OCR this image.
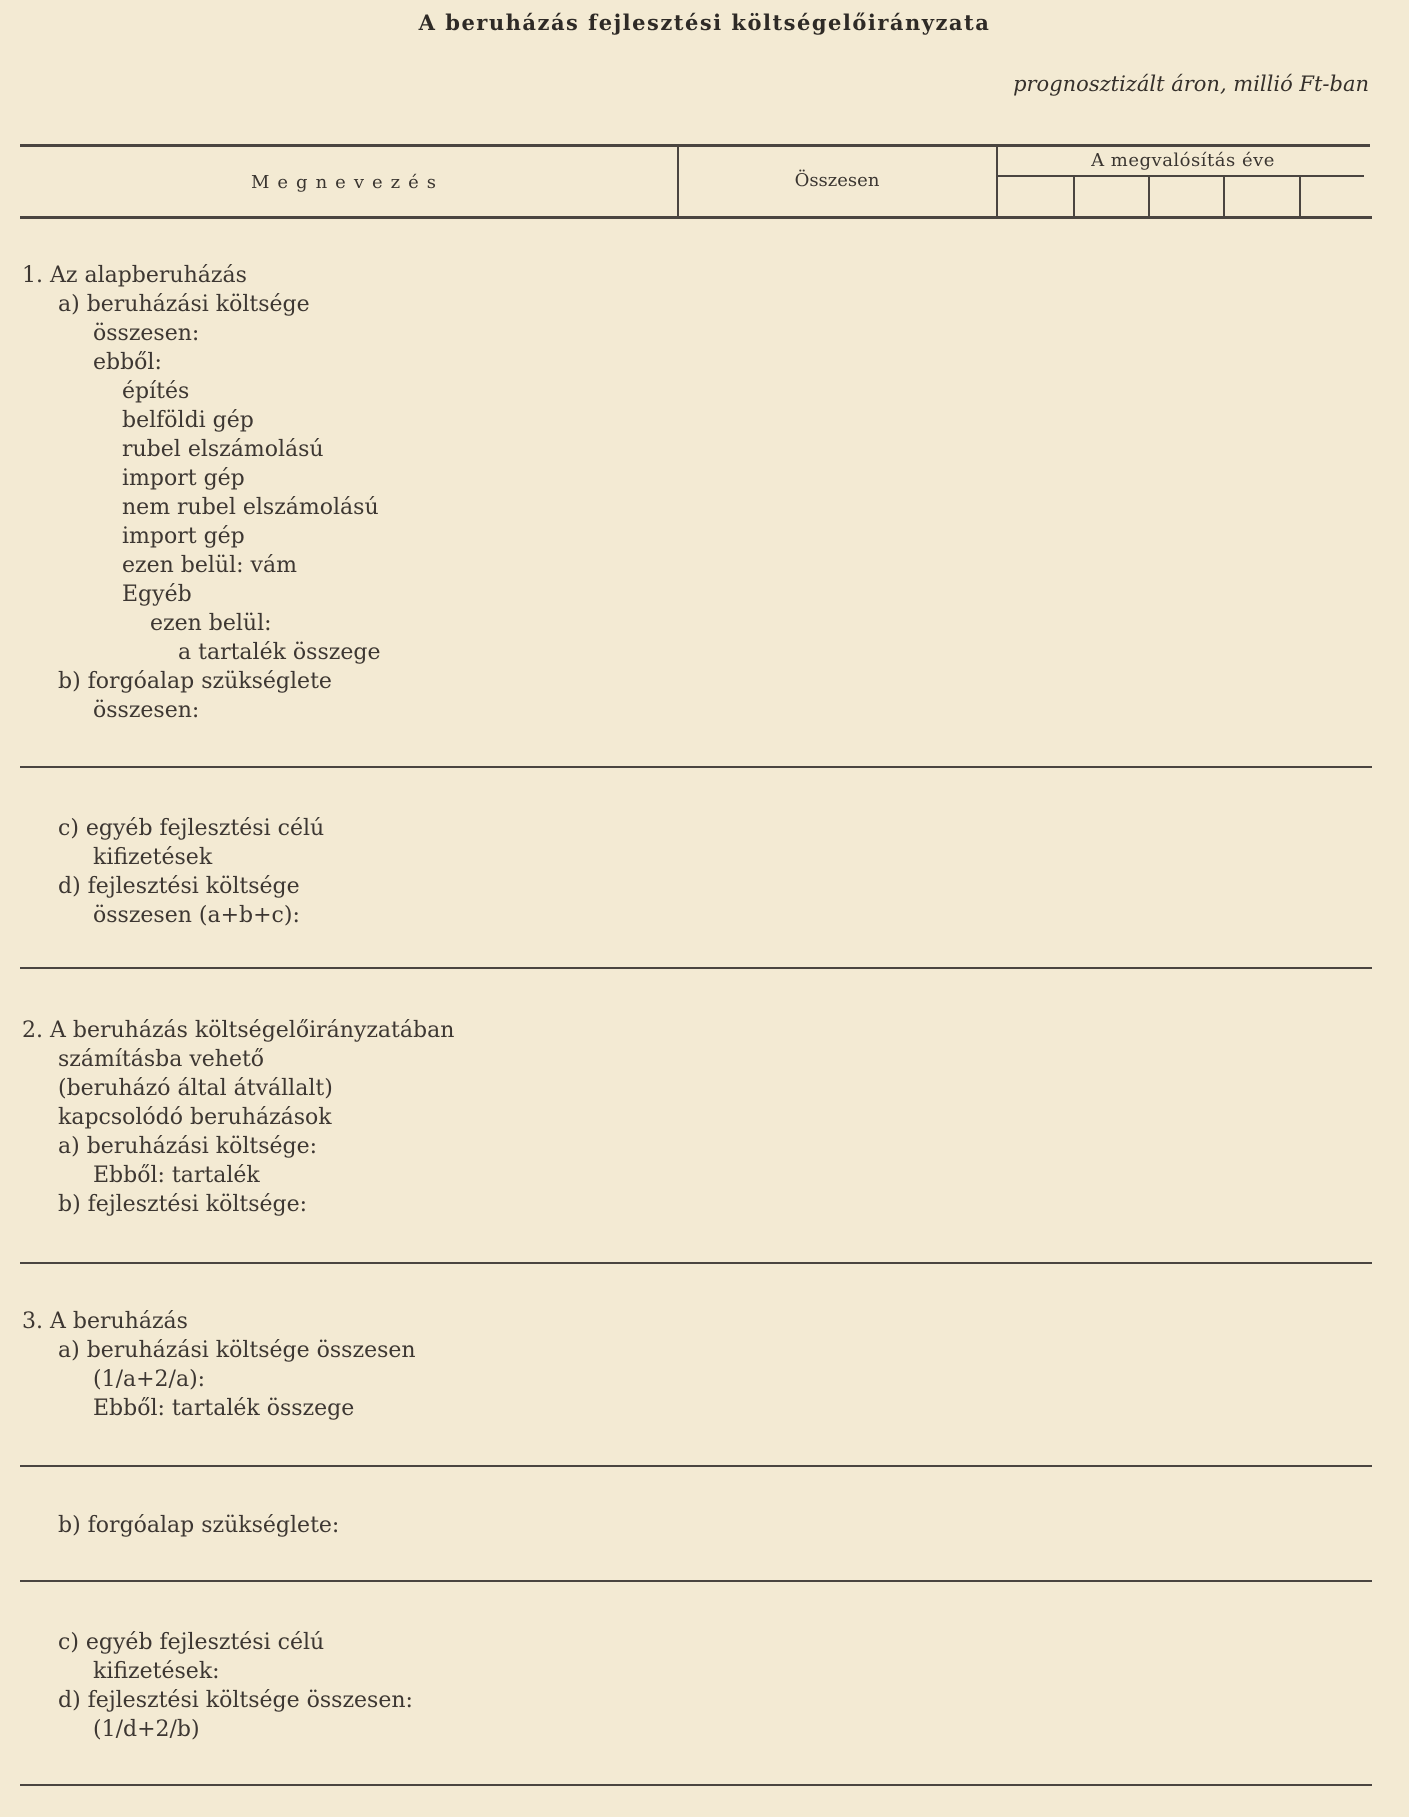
A beruházás fejlesztési költségelőirányzata
prognosztizált áron, millió Ft-ban
Megnevezés	Összesen
A megvalósítás éve
1. Az alapberuházás
a) beruházási költsége
összesen:
ebből:
építés
belföldi gép
rubel elszámolású
import gép
nem rubel elszámolású
import gép
ezen belül: vám
Egyéb
ezen belül:
a tartalék összege
b) forgóalap szükséglete
összesen:
c) egyéb fejlesztési célú
kifizetések
d) fejlesztési költsége
összesen (a+b+c):
2. A beruházás költségelőirányzatában
számításba vehető
(beruházó által átvállalt)
kapcsolódó beruházások
a) beruházási költsége:
Ebből: tartalék
b) fejlesztési költsége:
3. A beruházás
a) beruházási költsége összesen
(1/a+2/a):
Ebből: tartalék összege
b) forgóalap szükséglete:
c) egyéb fejlesztési célú
kifizetések:
d) fejlesztési költsége összesen:
(1/d+2/b)
